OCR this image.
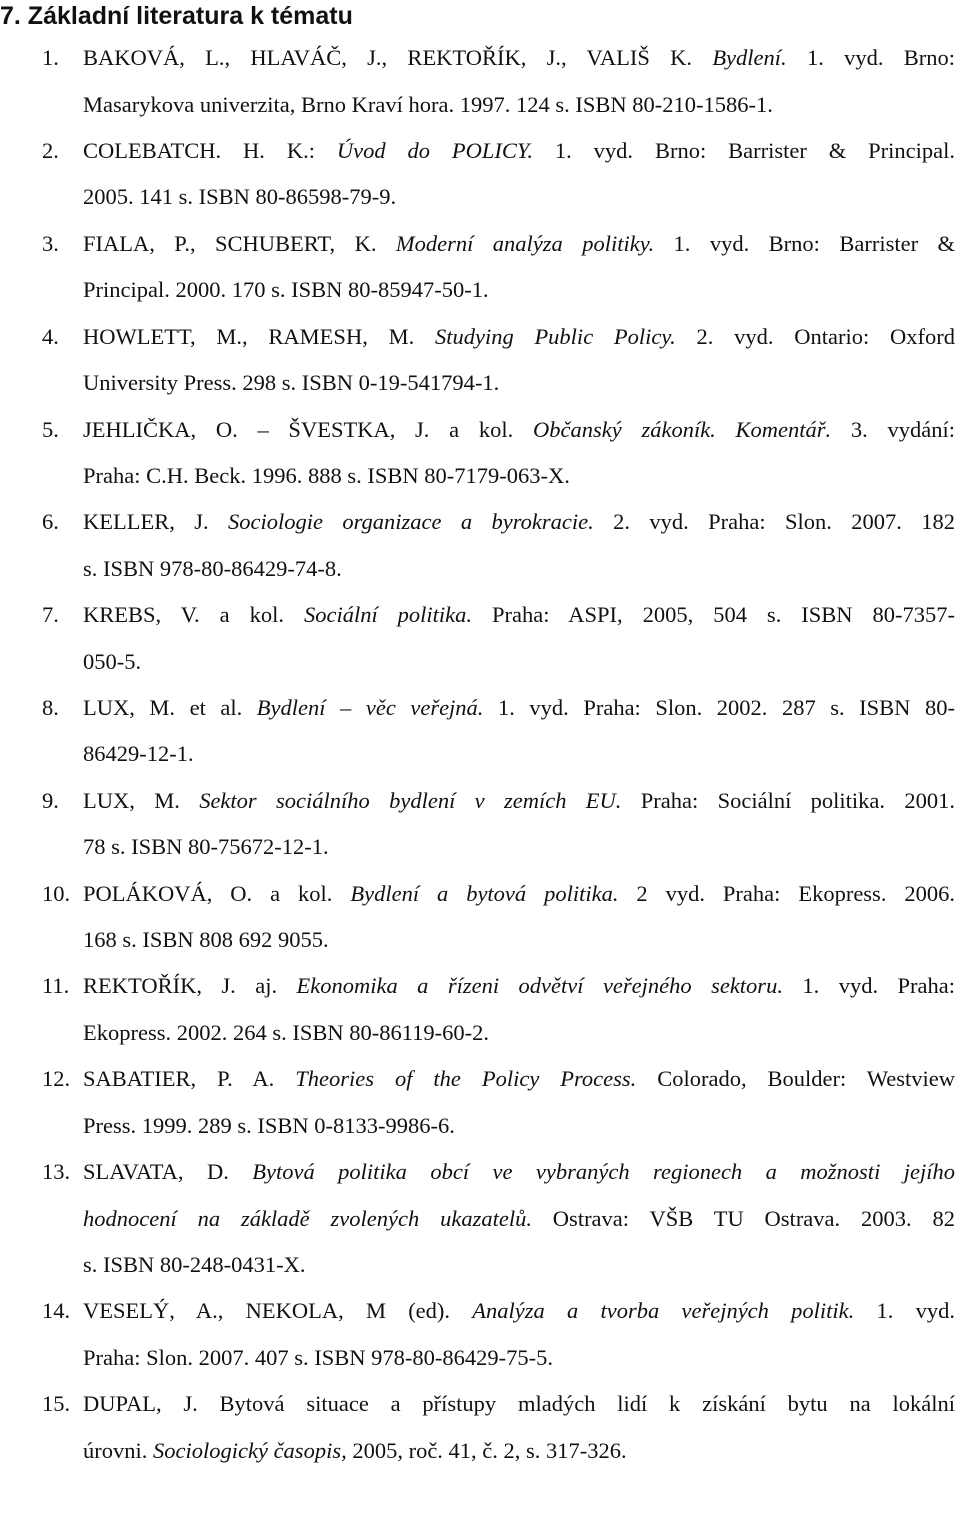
7. Základní literatura k tématu
1. BAKOVÁ, L., HLAVÁČ, J., REKTOŘÍK, J., VALIŠ K. Bydlení. 1. vyd. Brno:
Masarykova univerzita, Brno Kraví hora. 1997. 124 s. ISBN 80-210-1586-1.
2. COLEBATCH. H. K.: Úvod do POLICY. 1. vyd. Brno: Barrister & Principal.
2005. 141 s. ISBN 80-86598-79-9.
3. FIALA, P., SCHUBERT, K. Moderní analýza politiky. 1. vyd. Brno: Barrister &
Principal. 2000. 170 s. ISBN 80-85947-50-1.
4. HOWLETT, M., RAMESH, M. Studying Public Policy. 2. vyd. Ontario: Oxford
University Press. 298 s. ISBN 0-19-541794-1.
5. JEHLIČKA, O. – ŠVESTKA, J. a kol. Občanský zákoník. Komentář. 3. vydání:
Praha: C.H. Beck. 1996. 888 s. ISBN 80-7179-063-X.
6. KELLER, J. Sociologie organizace a byrokracie. 2. vyd. Praha: Slon. 2007. 182
s. ISBN 978-80-86429-74-8.
7. KREBS, V. a kol. Sociální politika. Praha: ASPI, 2005, 504 s. ISBN 80-7357-
050-5.
8. LUX, M. et al. Bydlení – věc veřejná. 1. vyd. Praha: Slon. 2002. 287 s. ISBN 80-
86429-12-1.
9. LUX, M. Sektor sociálního bydlení v zemích EU. Praha: Sociální politika. 2001.
78 s. ISBN 80-75672-12-1.
10. POLÁKOVÁ, O. a kol. Bydlení a bytová politika. 2 vyd. Praha: Ekopress. 2006.
168 s. ISBN 808 692 9055.
11. REKTOŘÍK, J. aj. Ekonomika a řízeni odvětví veřejného sektoru. 1. vyd. Praha:
Ekopress. 2002. 264 s. ISBN 80-86119-60-2.
12. SABATIER, P. A. Theories of the Policy Process. Colorado, Boulder: Westview
Press. 1999. 289 s. ISBN 0-8133-9986-6.
13. SLAVATA, D. Bytová politika obcí ve vybraných regionech a možnosti jejího
hodnocení na základě zvolených ukazatelů. Ostrava: VŠB TU Ostrava. 2003. 82
s. ISBN 80-248-0431-X.
14. VESELÝ, A., NEKOLA, M (ed). Analýza a tvorba veřejných politik. 1. vyd.
Praha: Slon. 2007. 407 s. ISBN 978-80-86429-75-5.
15. DUPAL, J. Bytová situace a přístupy mladých lidí k získání bytu na lokální
úrovni. Sociologický časopis, 2005, roč. 41, č. 2, s. 317-326.
